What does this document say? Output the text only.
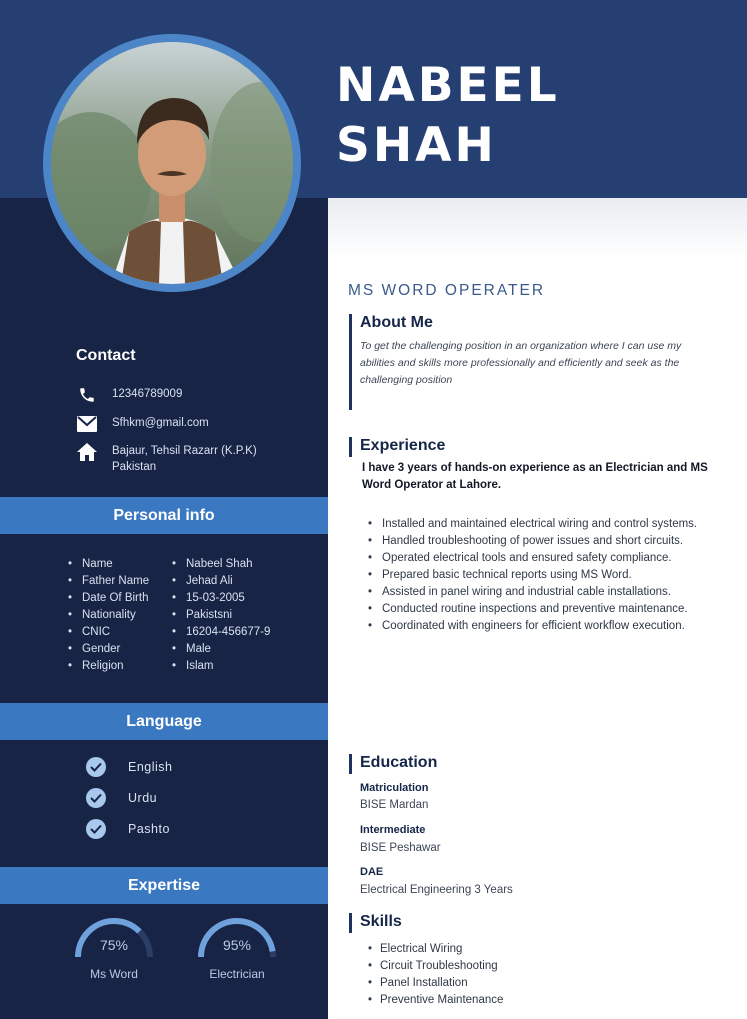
NABEEL
SHAH
Contact
12346789009
Sfhkm@gmail.com
Bajaur, Tehsil Razarr (K.P.K)
Pakistan
Personal info
• Name
• Father Name
• Date Of Birth
• Nationality
• CNIC
• Gender
• Religion
• Nabeel Shah
• Jehad Ali
• 15-03-2005
• Pakistsni
• 16204-456677-9
• Male
• Islam
Language
English
Urdu
Pashto
Expertise
75%
Ms Word
95%
Electrician
MS WORD OPERATER
About Me
To get the challenging position in an organization where I can use my abilities and skills more professionally and efficiently and seek as the challenging position
Experience
I have 3 years of hands-on experience as an Electrician and MS Word Operator at Lahore.
• Installed and maintained electrical wiring and control systems.
• Handled troubleshooting of power issues and short circuits.
• Operated electrical tools and ensured safety compliance.
• Prepared basic technical reports using MS Word.
• Assisted in panel wiring and industrial cable installations.
• Conducted routine inspections and preventive maintenance.
• Coordinated with engineers for efficient workflow execution.
Education
Matriculation
BISE Mardan
Intermediate
BISE Peshawar
DAE
Electrical Engineering 3 Years
Skills
• Electrical Wiring
• Circuit Troubleshooting
• Panel Installation
• Preventive Maintenance
